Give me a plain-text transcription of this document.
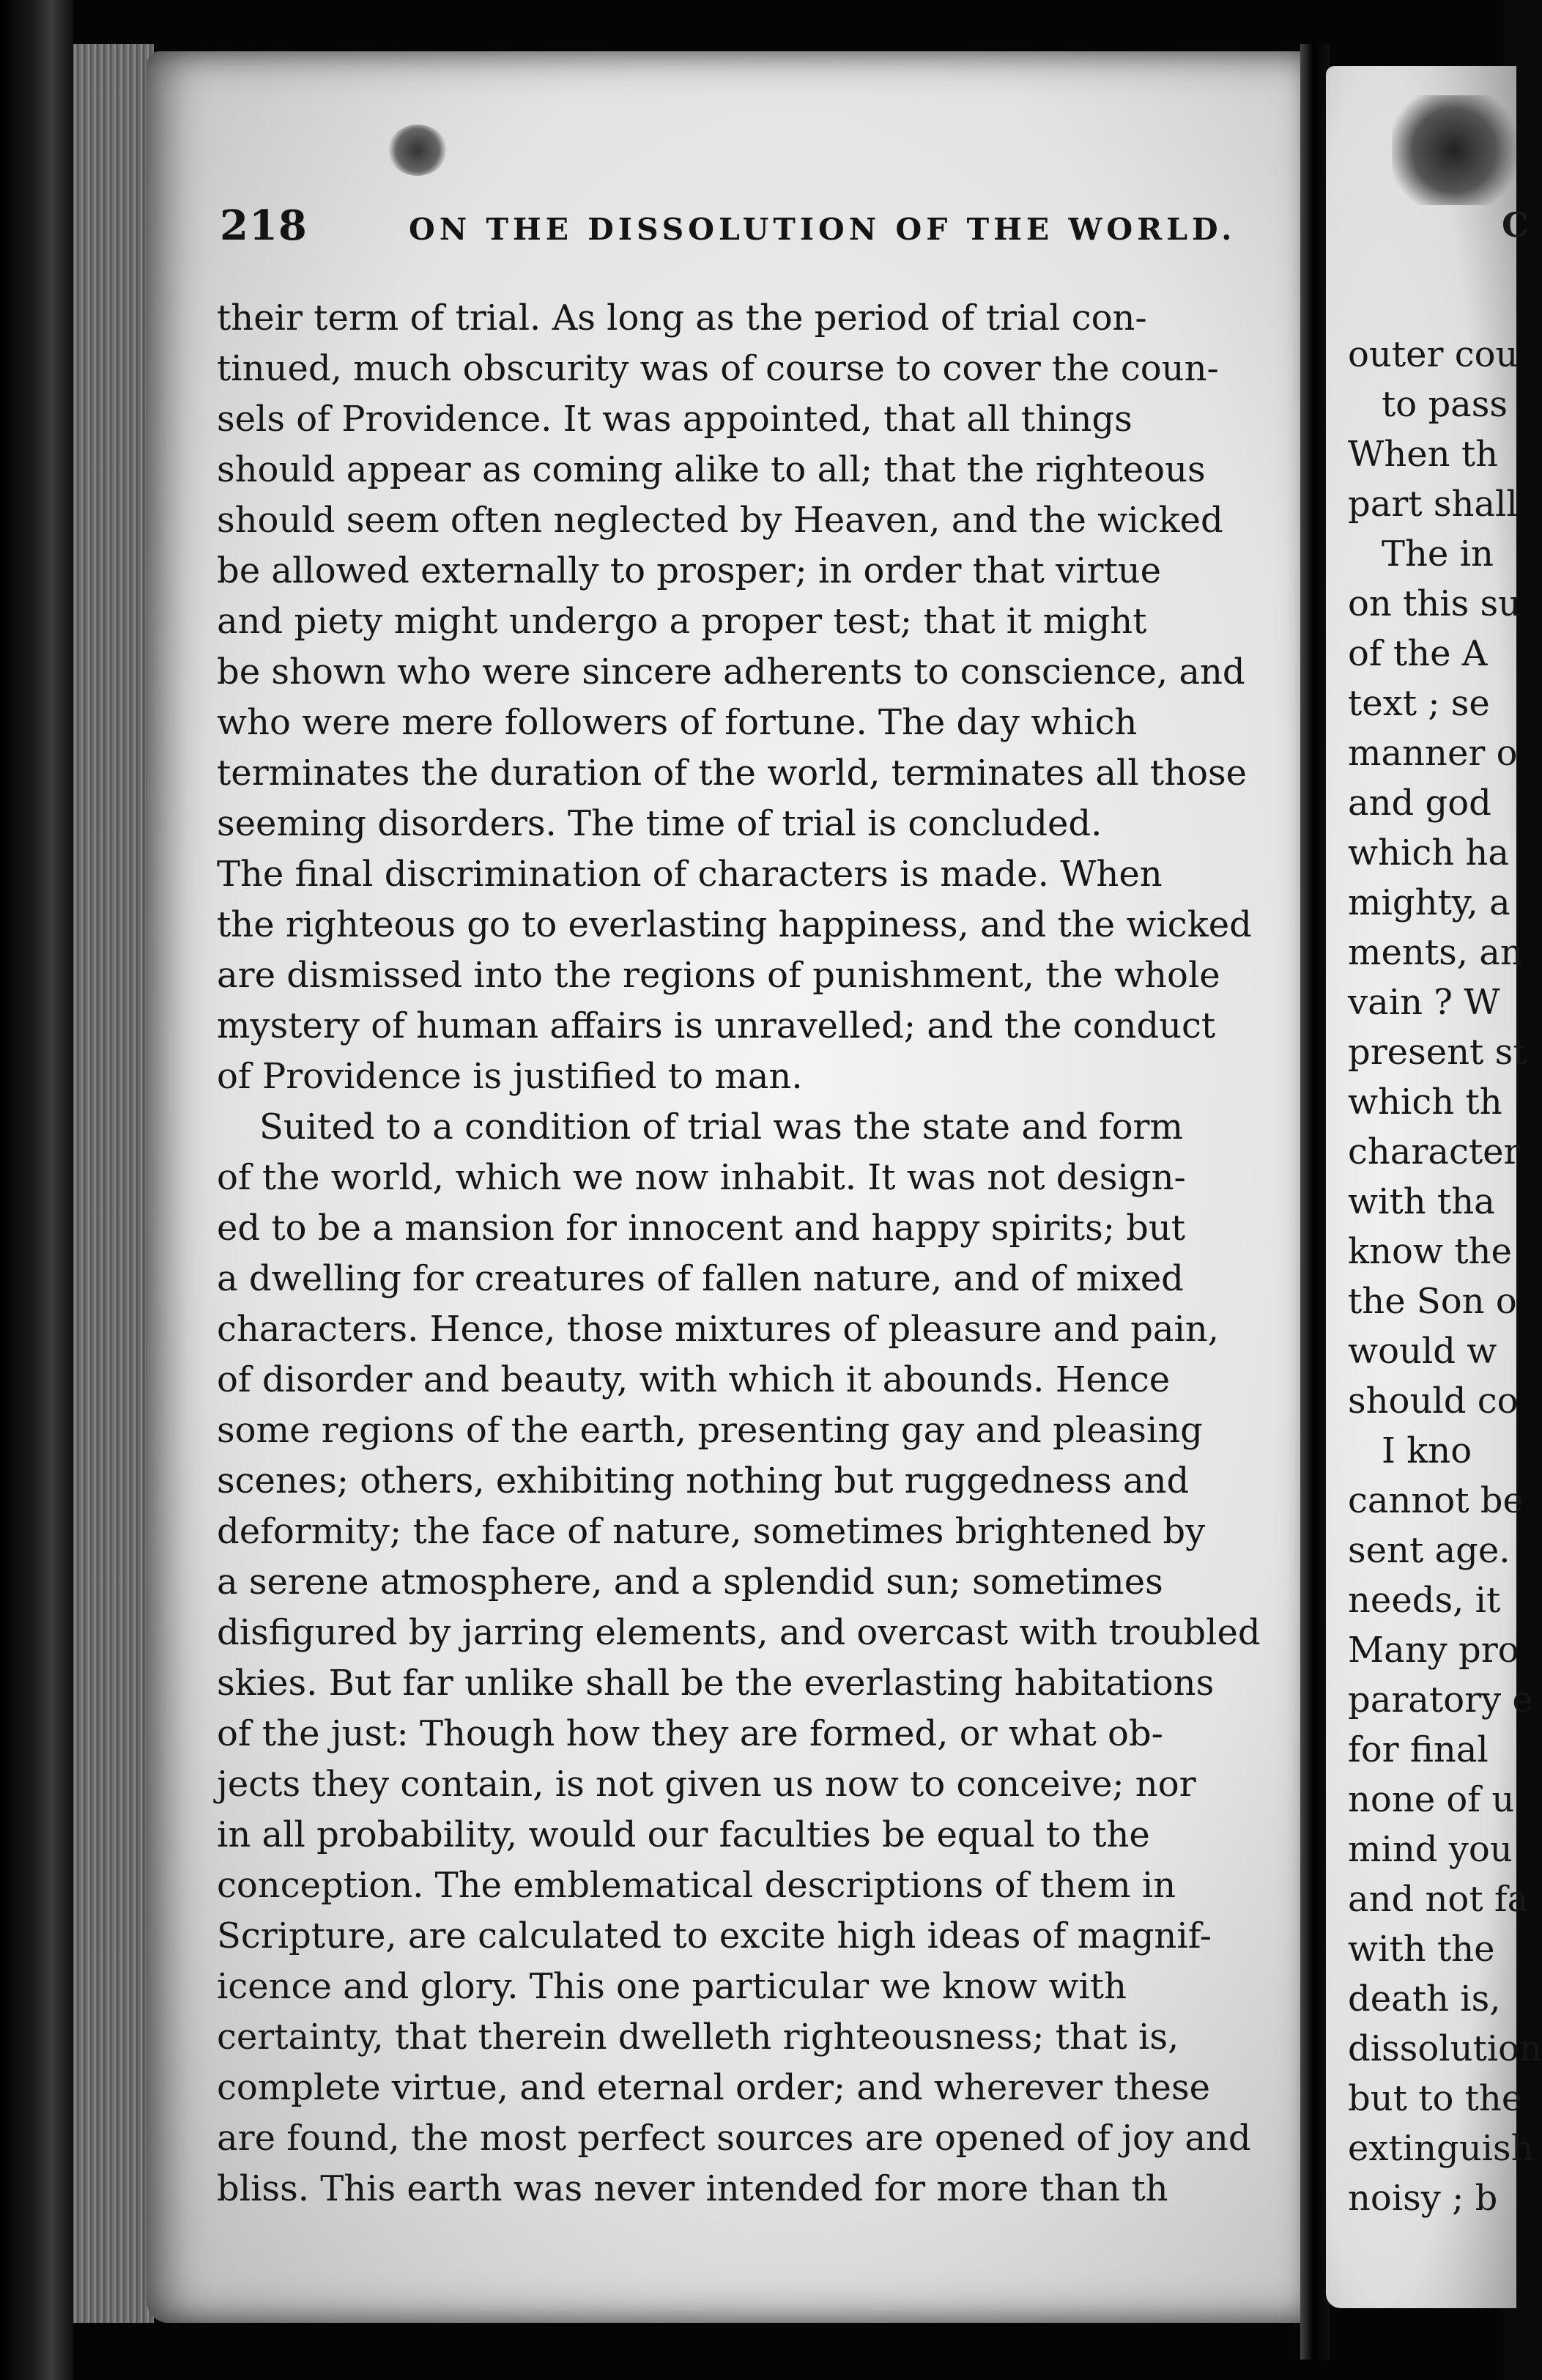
218	ON THE DISSOLUTION OF THE WORLD.
their term of trial. As long as the period of trial con-
tinued, much obscurity was of course to cover the coun-
sels of Providence. It was appointed, that all things
should appear as coming alike to all; that the righteous
should seem often neglected by Heaven, and the wicked
be allowed externally to prosper; in order that virtue
and piety might undergo a proper test; that it might
be shown who were sincere adherents to conscience, and
who were mere followers of fortune. The day which
terminates the duration of the world, terminates all those
seeming disorders. The time of trial is concluded.
The final discrimination of characters is made. When
the righteous go to everlasting happiness, and the wicked
are dismissed into the regions of punishment, the whole
mystery of human affairs is unravelled; and the conduct
of Providence is justified to man.
Suited to a condition of trial was the state and form
of the world, which we now inhabit. It was not design-
ed to be a mansion for innocent and happy spirits; but
a dwelling for creatures of fallen nature, and of mixed
characters. Hence, those mixtures of pleasure and pain,
of disorder and beauty, with which it abounds. Hence
some regions of the earth, presenting gay and pleasing
scenes; others, exhibiting nothing but ruggedness and
deformity; the face of nature, sometimes brightened by
a serene atmosphere, and a splendid sun; sometimes
disfigured by jarring elements, and overcast with troubled
skies. But far unlike shall be the everlasting habitations
of the just: Though how they are formed, or what ob-
jects they contain, is not given us now to conceive; nor
in all probability, would our faculties be equal to the
conception. The emblematical descriptions of them in
Scripture, are calculated to excite high ideas of magnif-
icence and glory. This one particular we know with
certainty, that therein dwelleth righteousness; that is,
complete virtue, and eternal order; and wherever these
are found, the most perfect sources are opened of joy and
bliss. This earth was never intended for more than th
C
outer cou
to pass
When th
part shall
The in
on this su
of the A
text ; se
manner o
and god
which ha
mighty, a
ments, an
vain ? W
present st
which th
character
with tha
know the
the Son o
would w
should co
I kno
cannot be
sent age.
needs, it
Many pro
paratory e
for final
none of u
mind you
and not fa
with the
death is,
dissolution
but to the
extinguish
noisy ; b
